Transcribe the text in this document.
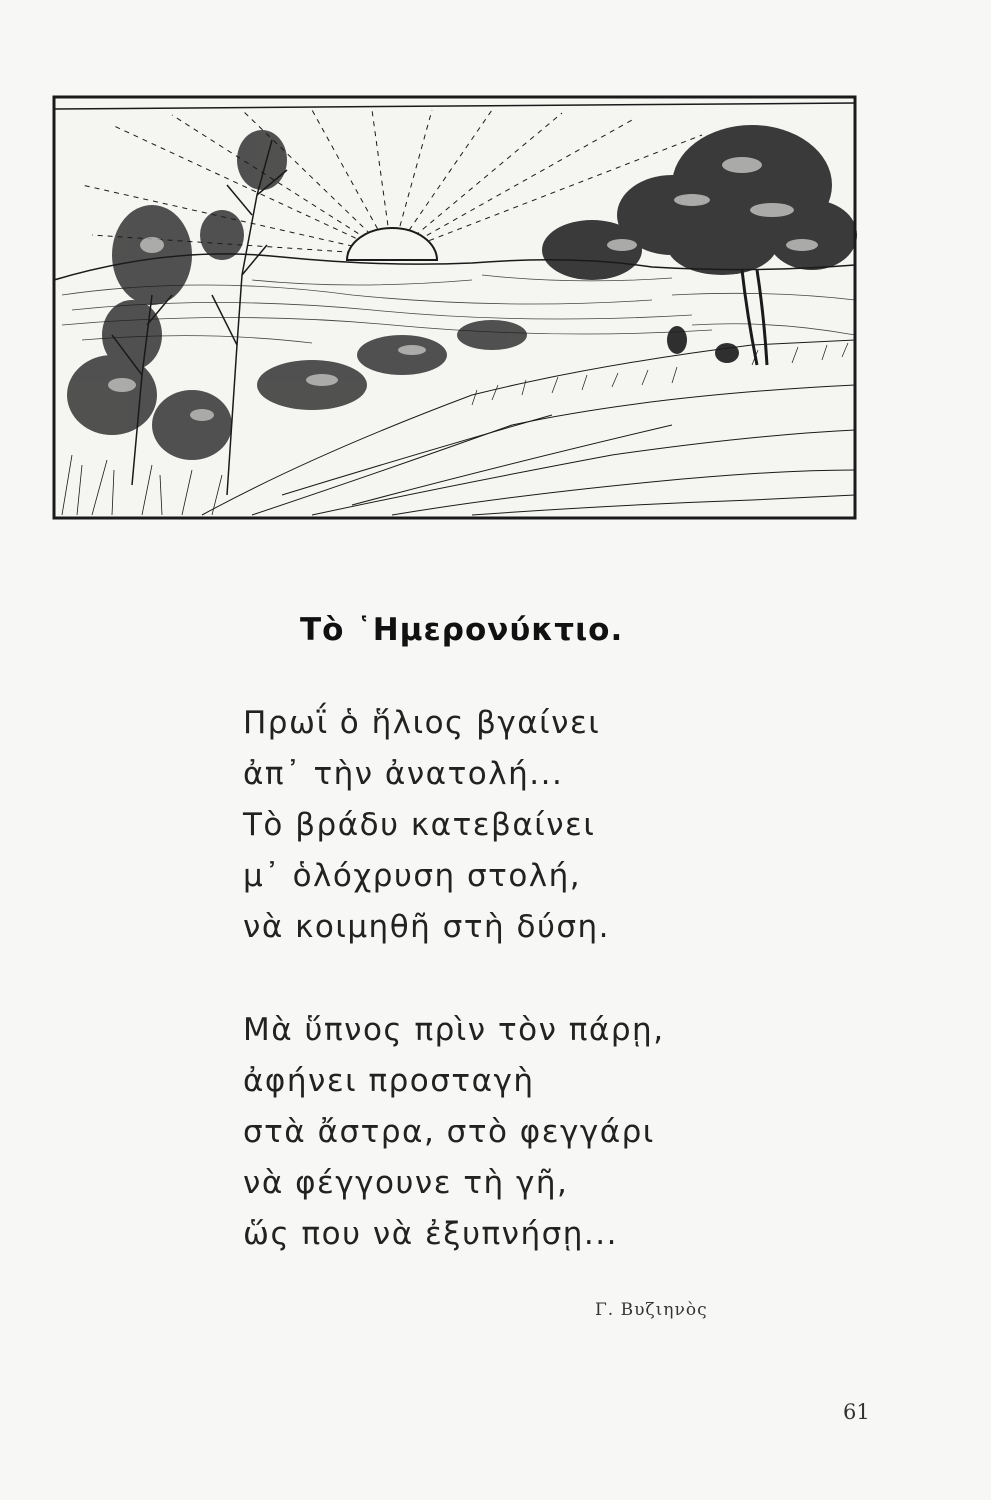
Τὸ ῾Ημερονύκτιο.
Πρωΐ ὁ ἥλιος βγαίνει
ἀπ᾿ τὴν ἀνατολή...
Τὸ βράδυ κατεβαίνει
μ᾿ ὁλόχρυση στολή,
νὰ κοιμηθῆ στὴ δύση.
Μὰ ὕπνος πρὶν τὸν πάρῃ,
ἀφήνει προσταγὴ
στὰ ἄστρα, στὸ φεγγάρι
νὰ φέγγουνε τὴ γῆ,
ὥς που νὰ ἐξυπνήσῃ...
Γ. Βυζιηνὸς
61
